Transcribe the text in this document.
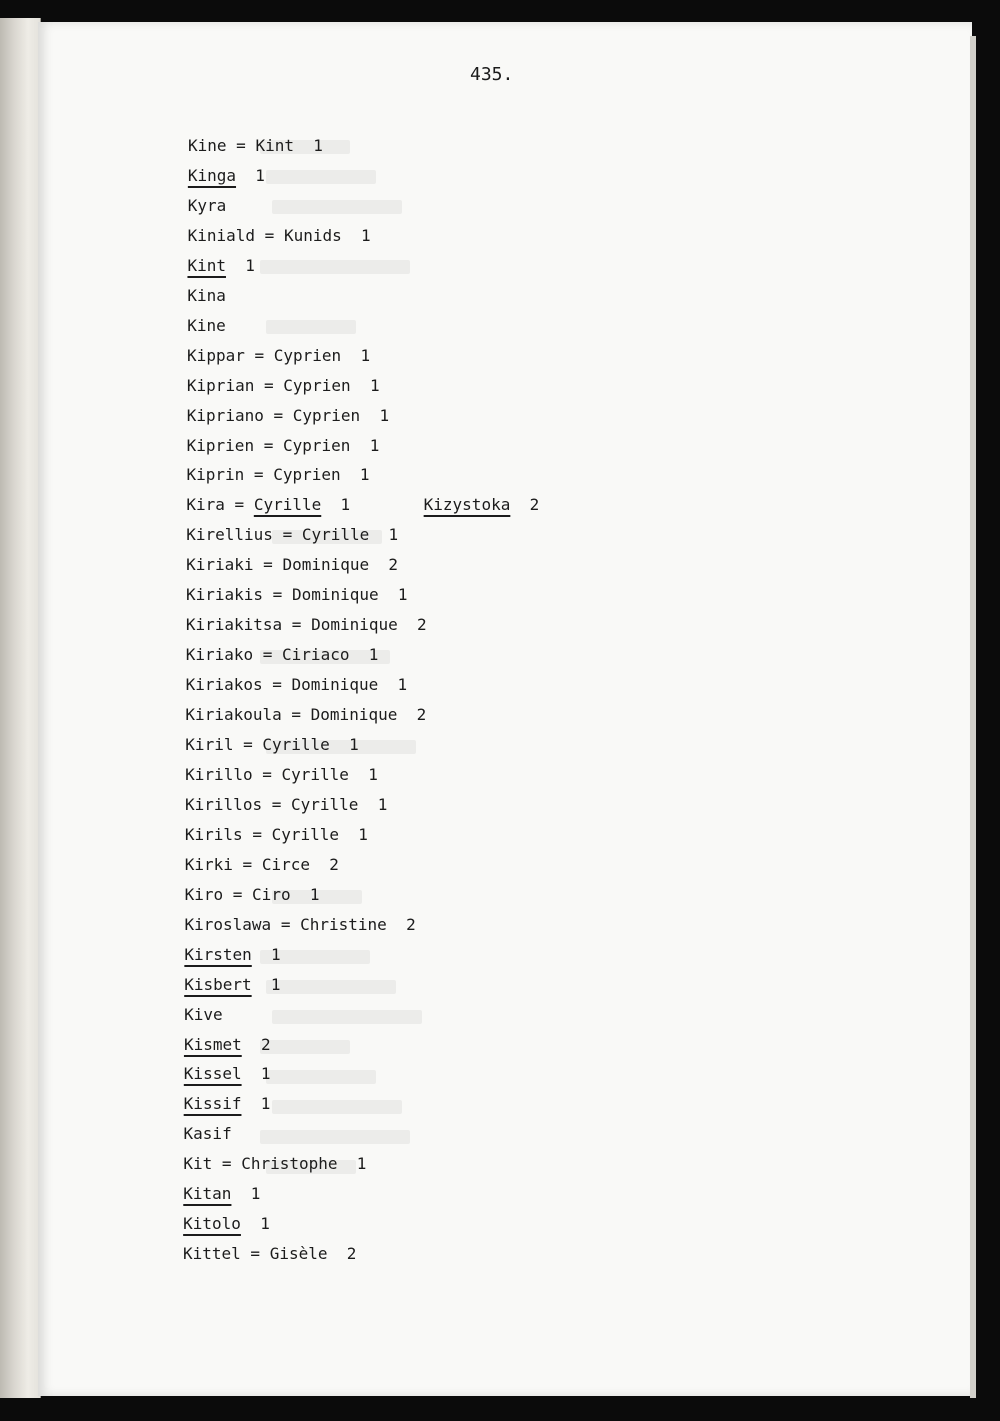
435.
Kine = Kint 1
Kinga 1
Kyra
Kiniald = Kunids 1
Kint 1
Kina
Kine
Kippar = Cyprien 1
Kiprian = Cyprien 1
Kipriano = Cyprien 1
Kiprien = Cyprien 1
Kiprin = Cyprien 1
Kira = Cyrille 1	Kizystoka 2
Kirellius = Cyrille 1
Kiriaki = Dominique 2
Kiriakis = Dominique 1
Kiriakitsa = Dominique 2
Kiriako = Ciriaco 1
Kiriakos = Dominique 1
Kiriakoula = Dominique 2
Kiril = Cyrille 1
Kirillo = Cyrille 1
Kirillos = Cyrille 1
Kirils = Cyrille 1
Kirki = Circe 2
Kiro = Ciro 1
Kiroslawa = Christine 2
Kirsten 1
Kisbert 1
Kive
Kismet 2
Kissel 1
Kissif 1
Kasif
Kit = Christophe 1
Kitan 1
Kitolo 1
Kittel = Gisèle 2
